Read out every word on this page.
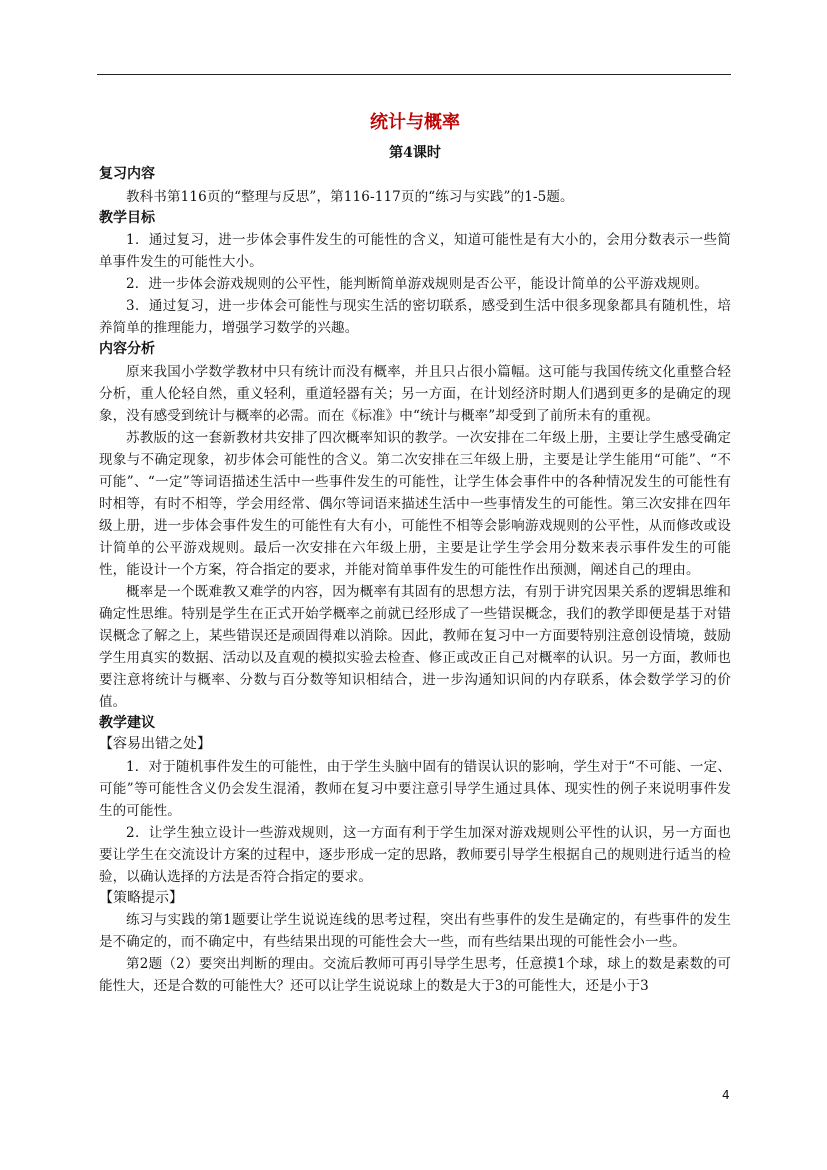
统计与概率
第4课时
复习内容

教科书第116页的“整理与反思”，第116-117页的“练习与实践”的1-5题。

教学目标

1．通过复习，进一步体会事件发生的可能性的含义，知道可能性是有大小的，会用分数表示一些简单事件发生的可能性大小。

2．进一步体会游戏规则的公平性，能判断简单游戏规则是否公平，能设计简单的公平游戏规则。

3．通过复习，进一步体会可能性与现实生活的密切联系，感受到生活中很多现象都具有随机性，培养简单的推理能力，增强学习数学的兴趣。

内容分析

原来我国小学数学教材中只有统计而没有概率，并且只占很小篇幅。这可能与我国传统文化重整合轻分析，重人伦轻自然，重义轻利，重道轻器有关；另一方面，在计划经济时期人们遇到更多的是确定的现象，没有感受到统计与概率的必需。而在《标准》中“统计与概率”却受到了前所未有的重视。

苏教版的这一套新教材共安排了四次概率知识的教学。一次安排在二年级上册，主要让学生感受确定现象与不确定现象，初步体会可能性的含义。第二次安排在三年级上册，主要是让学生能用“可能”、“不可能”、“一定”等词语描述生活中一些事件发生的可能性，让学生体会事件中的各种情况发生的可能性有时相等，有时不相等，学会用经常、偶尔等词语来描述生活中一些事情发生的可能性。第三次安排在四年级上册，进一步体会事件发生的可能性有大有小，可能性不相等会影响游戏规则的公平性，从而修改或设计简单的公平游戏规则。最后一次安排在六年级上册，主要是让学生学会用分数来表示事件发生的可能性，能设计一个方案，符合指定的要求，并能对简单事件发生的可能性作出预测，阐述自己的理由。

概率是一个既难教又难学的内容，因为概率有其固有的思想方法，有别于讲究因果关系的逻辑思维和确定性思维。特别是学生在正式开始学概率之前就已经形成了一些错误概念，我们的教学即便是基于对错误概念了解之上，某些错误还是顽固得难以消除。因此，教师在复习中一方面要特别注意创设情境，鼓励学生用真实的数据、活动以及直观的模拟实验去检查、修正或改正自己对概率的认识。另一方面，教师也要注意将统计与概率、分数与百分数等知识相结合，进一步沟通知识间的内存联系，体会数学学习的价值。

教学建议

【容易出错之处】

1．对于随机事件发生的可能性，由于学生头脑中固有的错误认识的影响，学生对于“不可能、一定、可能”等可能性含义仍会发生混淆，教师在复习中要注意引导学生通过具体、现实性的例子来说明事件发生的可能性。

2．让学生独立设计一些游戏规则，这一方面有利于学生加深对游戏规则公平性的认识，另一方面也要让学生在交流设计方案的过程中，逐步形成一定的思路，教师要引导学生根据自己的规则进行适当的检验，以确认选择的方法是否符合指定的要求。

【策略提示】

练习与实践的第1题要让学生说说连线的思考过程，突出有些事件的发生是确定的，有些事件的发生是不确定的，而不确定中，有些结果出现的可能性会大一些，而有些结果出现的可能性会小一些。

第2题（2）要突出判断的理由。交流后教师可再引导学生思考，任意摸1个球，球上的数是素数的可能性大，还是合数的可能性大？还可以让学生说说球上的数是大于3的可能性大，还是小于3

4
